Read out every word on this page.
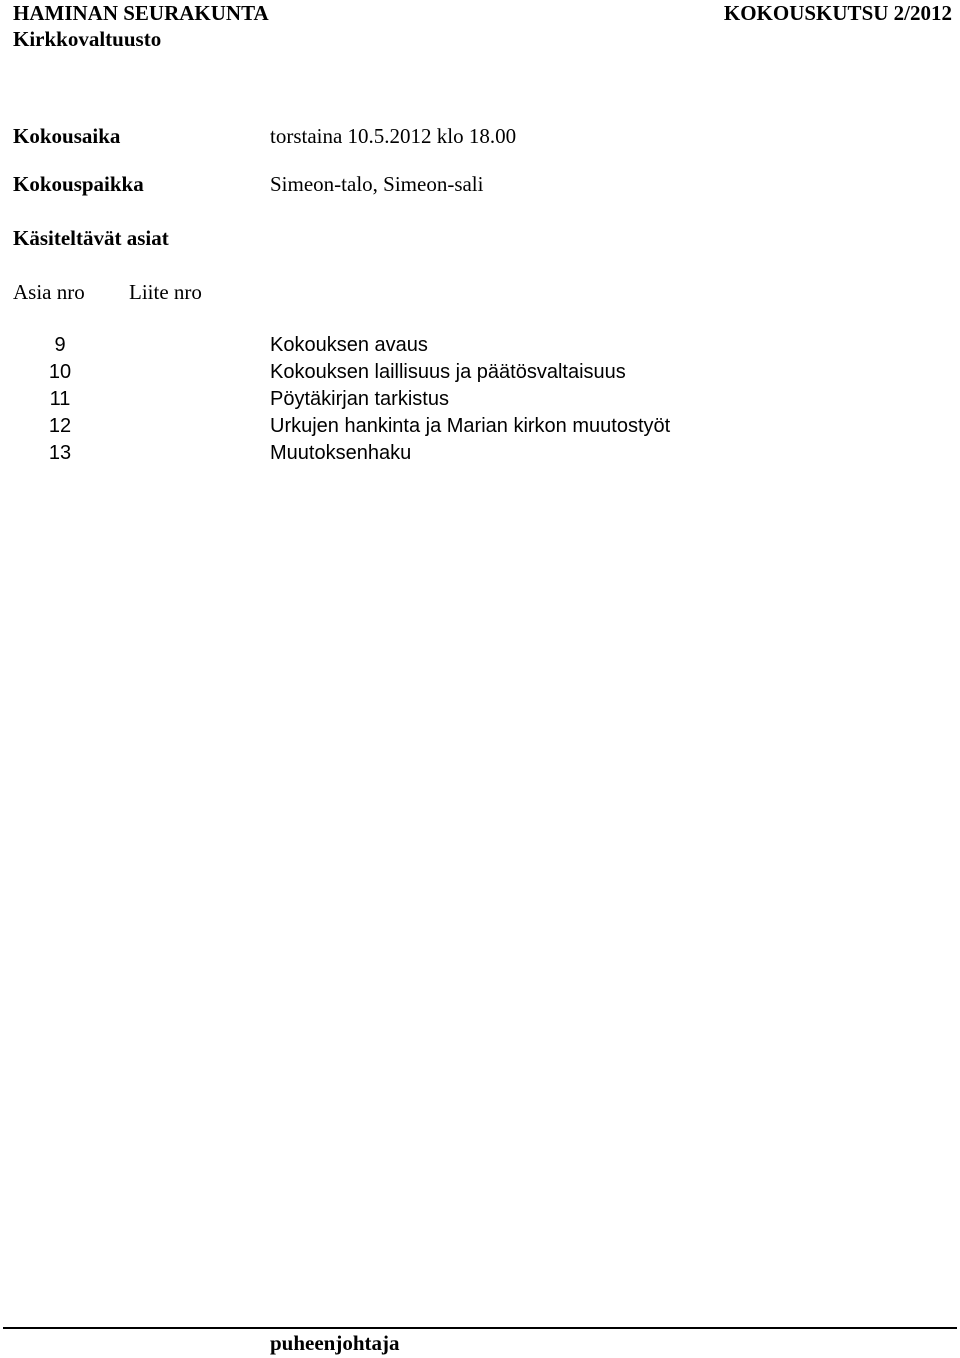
HAMINAN SEURAKUNTA	KOKOUSKUTSU 2/2012
Kirkkovaltuusto
Kokousaika	torstaina 10.5.2012 klo 18.00
Kokouspaikka	Simeon-talo, Simeon-sali
Käsiteltävät asiat
Asia nro Liite nro
9	Kokouksen avaus
10	Kokouksen laillisuus ja päätösvaltaisuus
11	Pöytäkirjan tarkistus
12	Urkujen hankinta ja Marian kirkon muutostyöt
13	Muutoksenhaku
puheenjohtaja
